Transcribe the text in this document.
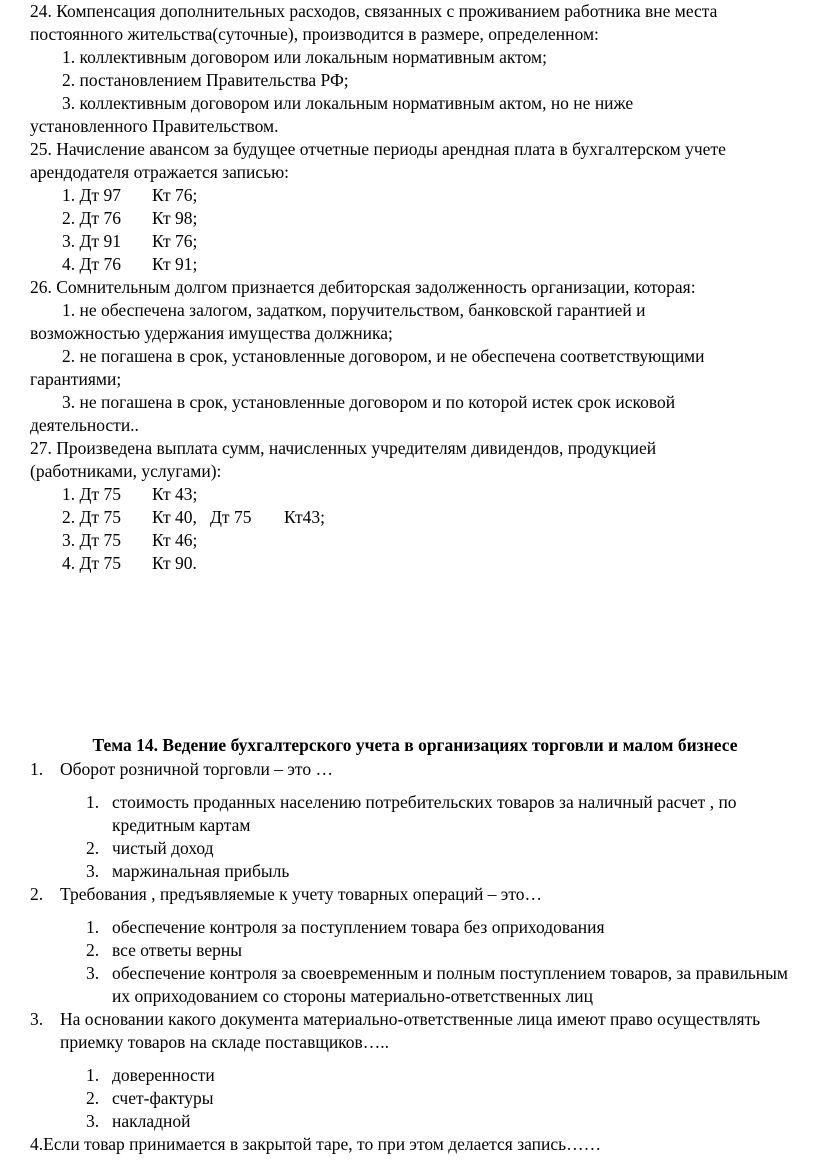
24. Компенсация дополнительных расходов, связанных с проживанием работника вне места

постоянного жительства(суточные), производится в размере, определенном:

1. коллективным договором или локальным нормативным актом;

2. постановлением Правительства РФ;

3. коллективным договором или локальным нормативным актом, но не ниже

установленного Правительством.

25. Начисление авансом за будущее отчетные периоды арендная плата в бухгалтерском учете

арендодателя отражается записью:

1. Дт 97 Кт 76;

2. Дт 76 Кт 98;

3. Дт 91 Кт 76;

4. Дт 76 Кт 91;

26. Сомнительным долгом признается дебиторская задолженность организации, которая:

1. не обеспечена залогом, задатком, поручительством, банковской гарантией и

возможностью удержания имущества должника;

2. не погашена в срок, установленные договором, и не обеспечена соответствующими

гарантиями;

3. не погашена в срок, установленные договором и по которой истек срок исковой

деятельности..

27. Произведена выплата сумм, начисленных учредителям дивидендов, продукцией

(работниками, услугами):

1. Дт 75 Кт 43;

2. Дт 75 Кт 40, Дт 75 Кт43;

3. Дт 75 Кт 46;

4. Дт 75 Кт 90.

Тема 14. Ведение бухгалтерского учета в организациях торговли и малом бизнесе

1. Оборот розничной торговли – это …
1. стоимость проданных населению потребительских товаров за наличный расчет , по кредитным картам
2. чистый доход
3. маржинальная прибыль
2. Требования , предъявляемые к учету товарных операций – это…
1. обеспечение контроля за поступлением товара без оприходования
2. все ответы верны
3. обеспечение контроля за своевременным и полным поступлением товаров, за правильным их оприходованием со стороны материально-ответственных лиц
3. На основании какого документа материально-ответственные лица имеют право осуществлять приемку товаров на складе поставщиков…..
1. доверенности
2. счет-фактуры
3. накладной

4.Если товар принимается в закрытой таре, то при этом делается запись……
